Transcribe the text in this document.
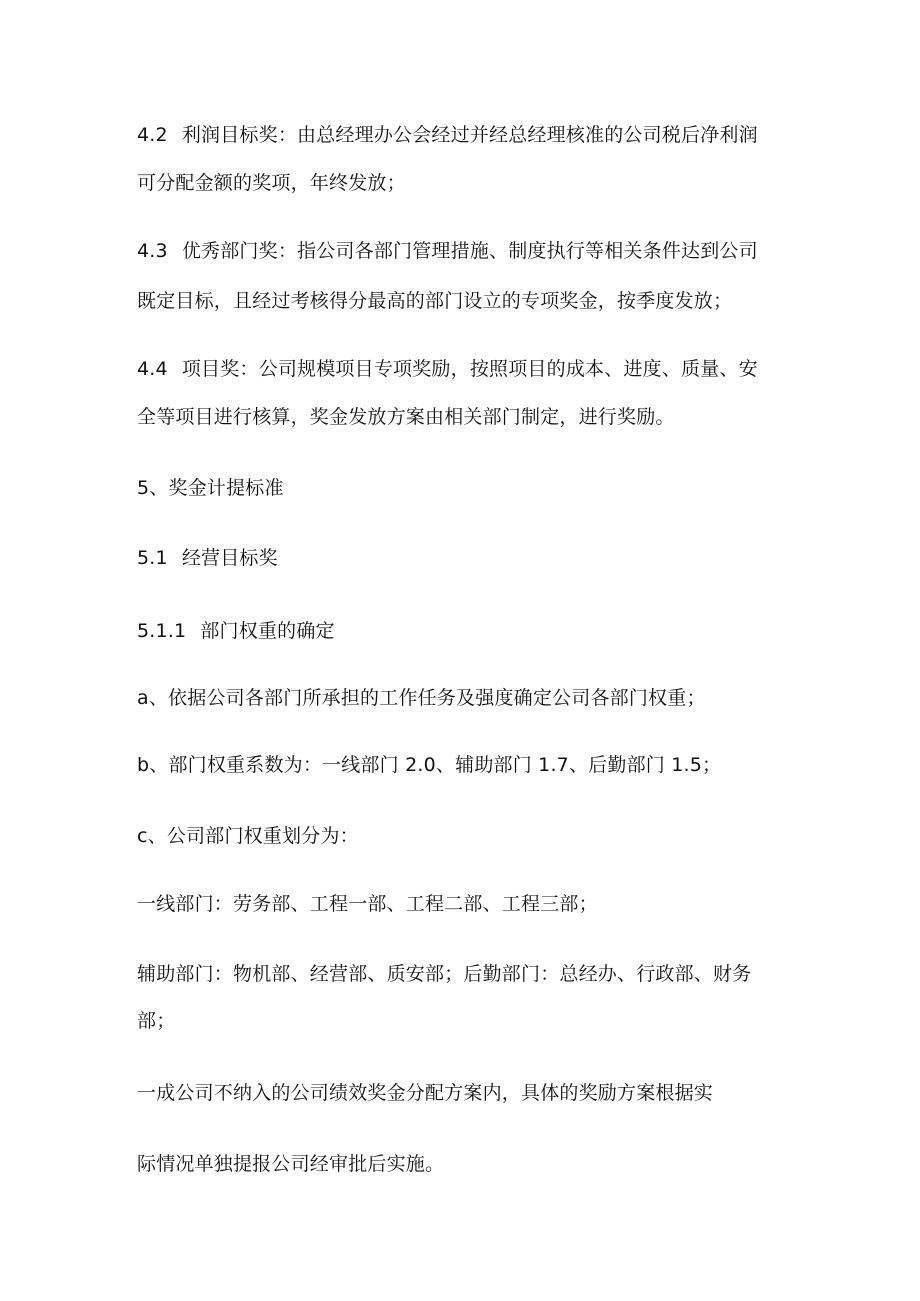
4.2 利润目标奖：由总经理办公会经过并经总经理核准的公司税后净利润
可分配金额的奖项，年终发放；
4.3 优秀部门奖：指公司各部门管理措施、制度执行等相关条件达到公司
既定目标，且经过考核得分最高的部门设立的专项奖金，按季度发放；
4.4 项目奖：公司规模项目专项奖励，按照项目的成本、进度、质量、安
全等项目进行核算，奖金发放方案由相关部门制定，进行奖励。
5、奖金计提标准
5.1 经营目标奖
5.1.1 部门权重的确定
a、依据公司各部门所承担的工作任务及强度确定公司各部门权重；
b、部门权重系数为：一线部门 2.0、辅助部门 1.7、后勤部门 1.5；
c、公司部门权重划分为：
一线部门：劳务部、工程一部、工程二部、工程三部；
辅助部门：物机部、经营部、质安部；后勤部门：总经办、行政部、财务
部；
一成公司不纳入的公司绩效奖金分配方案内，具体的奖励方案根据实
际情况单独提报公司经审批后实施。
